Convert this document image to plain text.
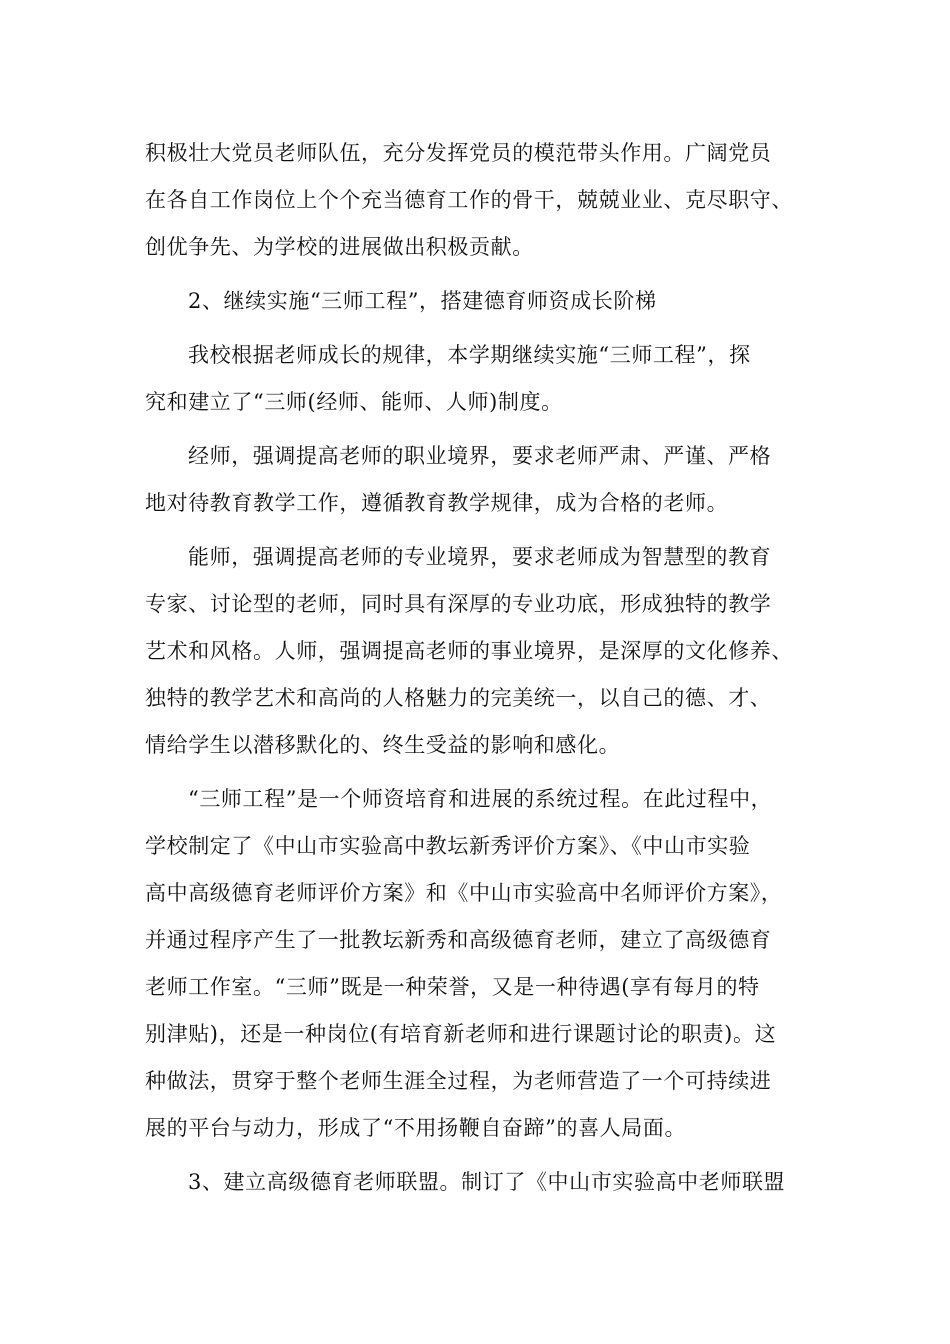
积极壮大党员老师队伍，充分发挥党员的模范带头作用。广阔党员
在各自工作岗位上个个充当德育工作的骨干，兢兢业业、克尽职守、
创优争先、为学校的进展做出积极贡献。
2、继续实施“三师工程”，搭建德育师资成长阶梯
我校根据老师成长的规律，本学期继续实施“三师工程”，探
究和建立了“三师(经师、能师、人师)制度。
经师，强调提高老师的职业境界，要求老师严肃、严谨、严格
地对待教育教学工作，遵循教育教学规律，成为合格的老师。
能师，强调提高老师的专业境界，要求老师成为智慧型的教育
专家、讨论型的老师，同时具有深厚的专业功底，形成独特的教学
艺术和风格。人师，强调提高老师的事业境界，是深厚的文化修养、
独特的教学艺术和高尚的人格魅力的完美统一，以自己的德、才、
情给学生以潜移默化的、终生受益的影响和感化。
“三师工程”是一个师资培育和进展的系统过程。在此过程中，
学校制定了《中山市实验高中教坛新秀评价方案》、《中山市实验
高中高级德育老师评价方案》和《中山市实验高中名师评价方案》，
并通过程序产生了一批教坛新秀和高级德育老师，建立了高级德育
老师工作室。“三师”既是一种荣誉，又是一种待遇(享有每月的特
别津贴)，还是一种岗位(有培育新老师和进行课题讨论的职责)。这
种做法，贯穿于整个老师生涯全过程，为老师营造了一个可持续进
展的平台与动力，形成了“不用扬鞭自奋蹄”的喜人局面。
3、建立高级德育老师联盟。制订了《中山市实验高中老师联盟
